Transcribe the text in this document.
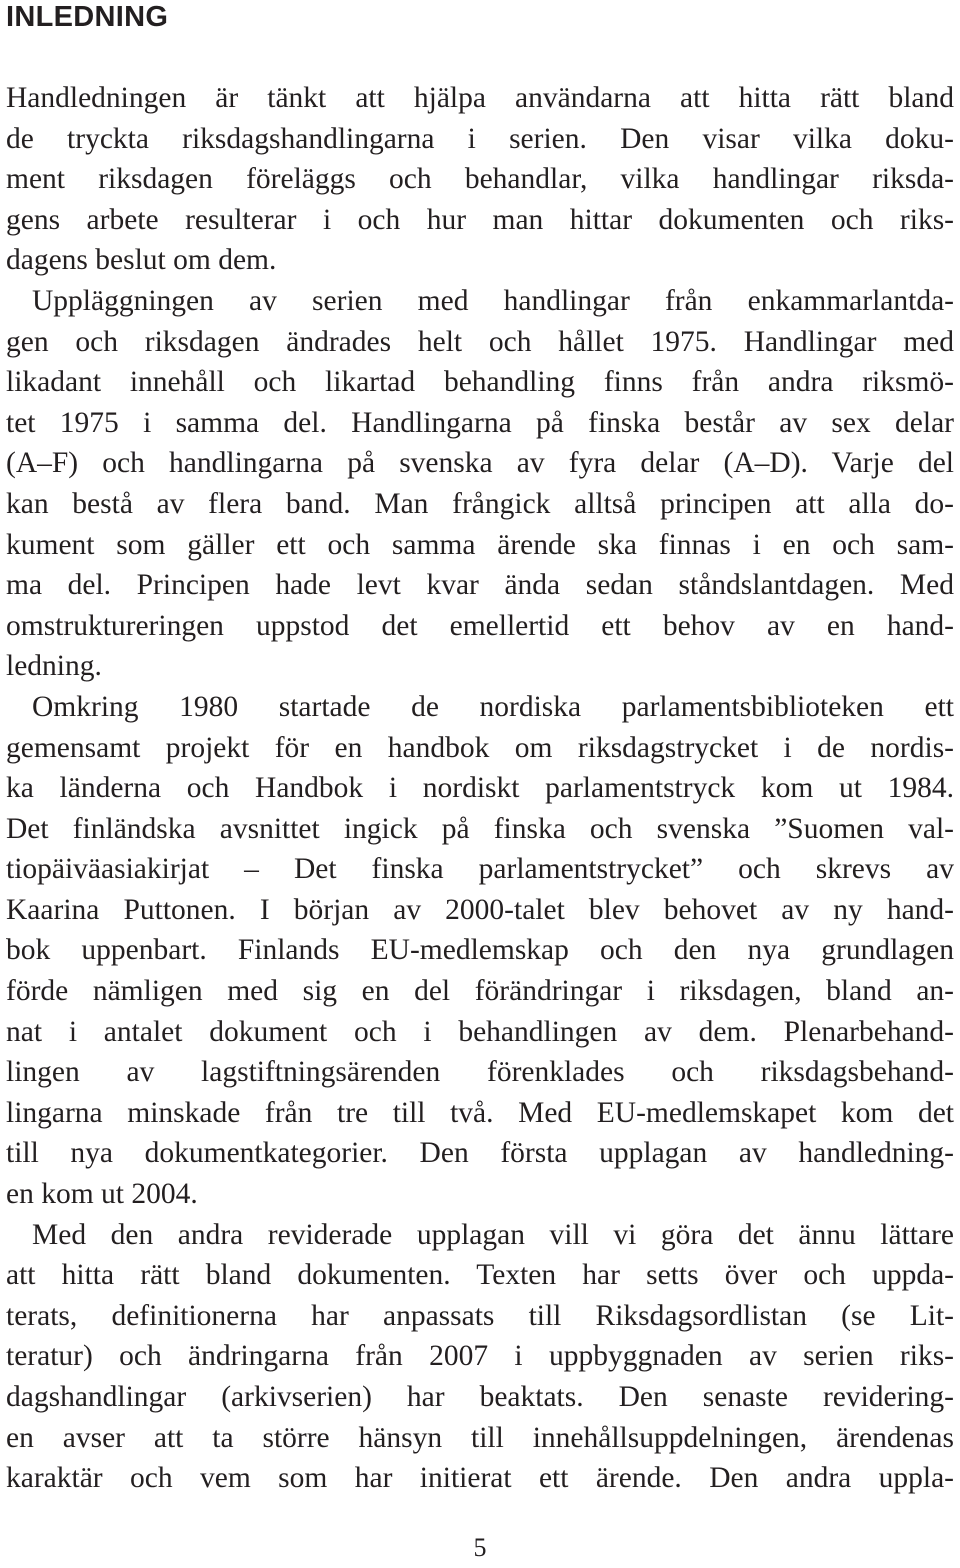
INLEDNING
Handledningen är tänkt att hjälpa användarna att hitta rätt bland
de tryckta riksdagshandlingarna i serien. Den visar vilka doku-
ment riksdagen föreläggs och behandlar, vilka handlingar riksda-
gens arbete resulterar i och hur man hittar dokumenten och riks-
dagens beslut om dem.
Uppläggningen av serien med handlingar från enkammarlantda-
gen och riksdagen ändrades helt och hållet 1975. Handlingar med
likadant innehåll och likartad behandling finns från andra riksmö-
tet 1975 i samma del. Handlingarna på finska består av sex delar
(A–F) och handlingarna på svenska av fyra delar (A–D). Varje del
kan bestå av flera band. Man frångick alltså principen att alla do-
kument som gäller ett och samma ärende ska finnas i en och sam-
ma del. Principen hade levt kvar ända sedan ståndslantdagen. Med
omstruktureringen uppstod det emellertid ett behov av en hand-
ledning.
Omkring 1980 startade de nordiska parlamentsbiblioteken ett
gemensamt projekt för en handbok om riksdagstrycket i de nordis-
ka länderna och Handbok i nordiskt parlamentstryck kom ut 1984.
Det finländska avsnittet ingick på finska och svenska ”Suomen val-
tiopäiväasiakirjat – Det finska parlamentstrycket” och skrevs av
Kaarina Puttonen. I början av 2000-talet blev behovet av ny hand-
bok uppenbart. Finlands EU-medlemskap och den nya grundlagen
förde nämligen med sig en del förändringar i riksdagen, bland an-
nat i antalet dokument och i behandlingen av dem. Plenarbehand-
lingen av lagstiftningsärenden förenklades och riksdagsbehand-
lingarna minskade från tre till två. Med EU-medlemskapet kom det
till nya dokumentkategorier. Den första upplagan av handledning-
en kom ut 2004.
Med den andra reviderade upplagan vill vi göra det ännu lättare
att hitta rätt bland dokumenten. Texten har setts över och uppda-
terats, definitionerna har anpassats till Riksdagsordlistan (se Lit-
teratur) och ändringarna från 2007 i uppbyggnaden av serien riks-
dagshandlingar (arkivserien) har beaktats. Den senaste revidering-
en avser att ta större hänsyn till innehållsuppdelningen, ärendenas
karaktär och vem som har initierat ett ärende. Den andra uppla-
5
